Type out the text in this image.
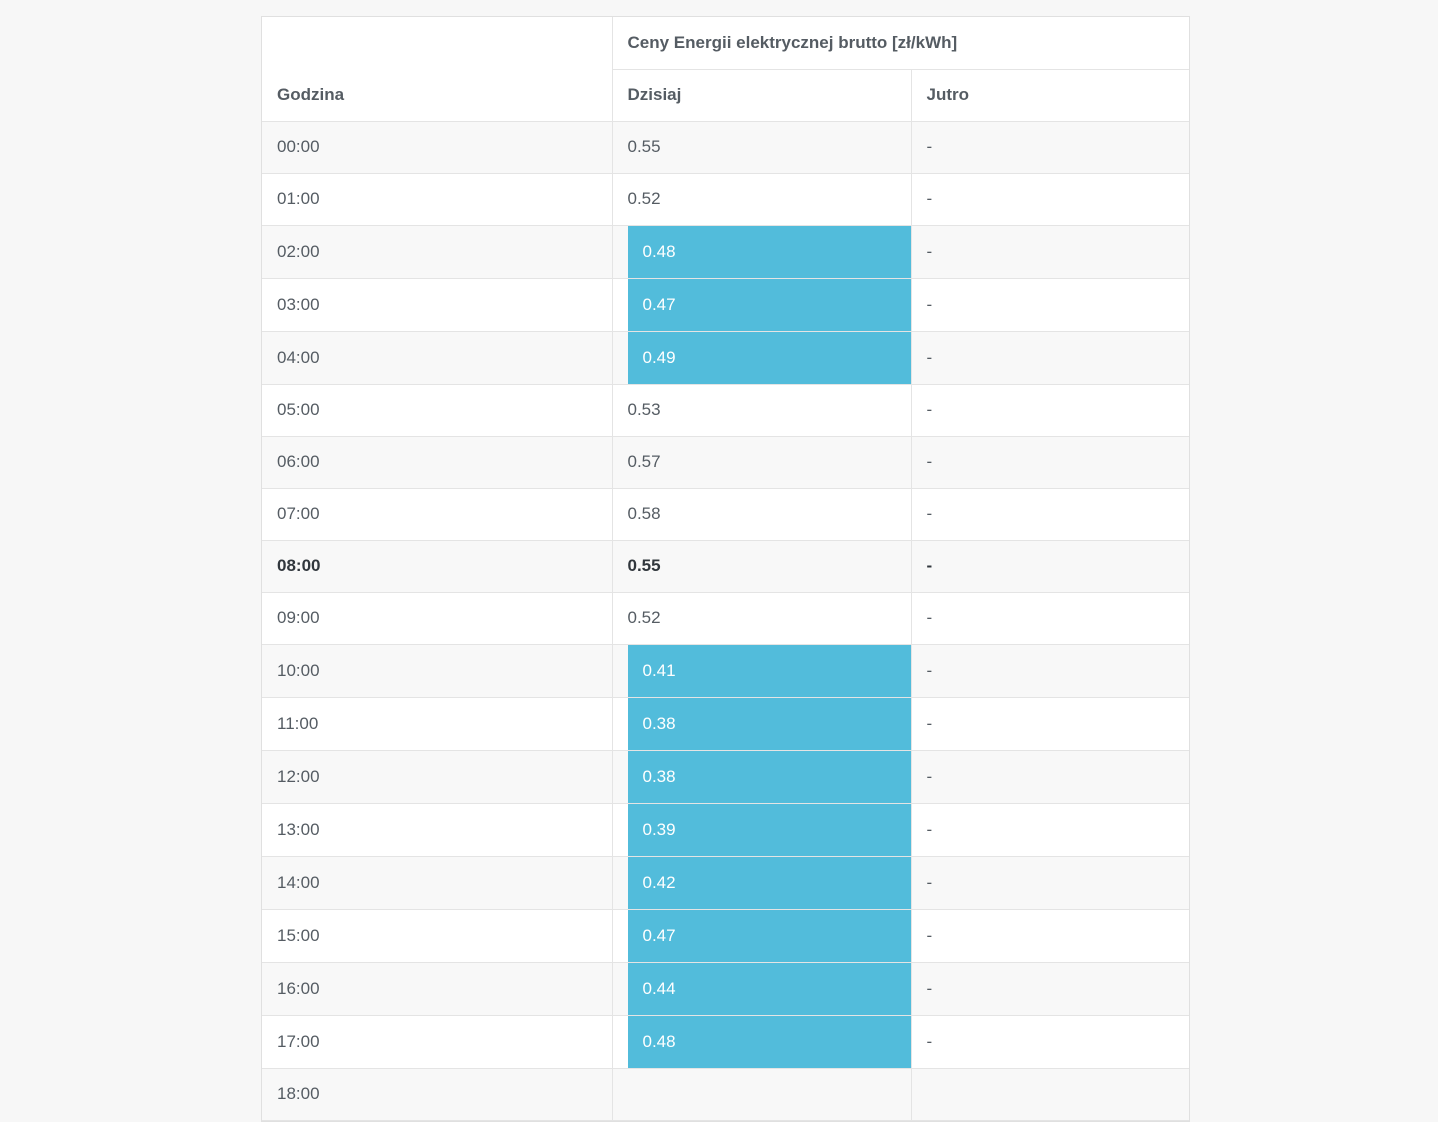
	Ceny Energii elektrycznej brutto [zł/kWh]	
Godzina	Dzisiaj	Jutro
00:00	0.55	-
01:00	0.52	-
02:00	0.48	-
03:00	0.47	-
04:00	0.49	-
05:00	0.53	-
06:00	0.57	-
07:00	0.58	-
08:00	0.55	-
09:00	0.52	-
10:00	0.41	-
11:00	0.38	-
12:00	0.38	-
13:00	0.39	-
14:00	0.42	-
15:00	0.47	-
16:00	0.44	-
17:00	0.48	-
18:00		
